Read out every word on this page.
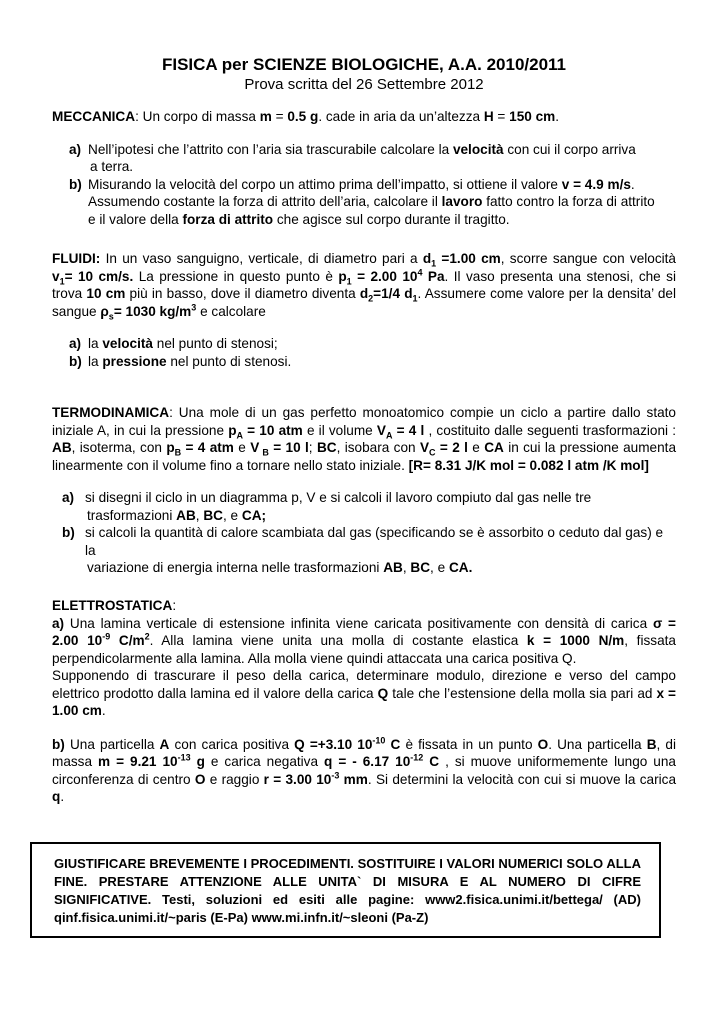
FISICA per SCIENZE BIOLOGICHE, A.A. 2010/2011
Prova scritta del 26 Settembre 2012

MECCANICA: Un corpo di massa m = 0.5 g. cade in aria da un’altezza H = 150 cm.

a) Nell’ipotesi che l’attrito con l’aria sia trascurabile calcolare la velocità con cui il corpo arriva
a terra.
b) Misurando la velocità del corpo un attimo prima dell’impatto, si ottiene il valore v = 4.9 m/s.
Assumendo costante la forza di attrito dell’aria, calcolare il lavoro fatto contro la forza di attrito
e il valore della forza di attrito che agisce sul corpo durante il tragitto.

FLUIDI: In un vaso sanguigno, verticale, di diametro pari a $d_1 =1.00$ cm, scorre sangue con velocità $v_1= 10$ cm/s. La pressione in questo punto è $p_1 = 2.00$ $10^4$ Pa. Il vaso presenta una stenosi, che si trova 10 cm più in basso, dove il diametro diventa $d_2=1/4$ $d_1$. Assumere come valore per la densita’ del sangue $\rho_s= 1030$ $kg/m^3$ e calcolare

a) la velocità nel punto di stenosi;
b) la pressione nel punto di stenosi.

TERMODINAMICA: Una mole di un gas perfetto monoatomico compie un ciclo a partire dallo stato iniziale A, in cui la pressione $p_A = 10$ atm e il volume $V_A = 4$ l , costituito dalle seguenti trasformazioni : AB, isoterma, con $p_B = 4$ atm e V $_B$ = 10 l; BC, isobara con $V_C = 2$ l e CA in cui la pressione aumenta linearmente con il volume fino a tornare nello stato iniziale. [R= 8.31 J/K mol = 0.082 l atm /K mol]

a) si disegni il ciclo in un diagramma p, V e si calcoli il lavoro compiuto dal gas nelle tre
trasformazioni AB, BC, e CA;
b) si calcoli la quantità di calore scambiata dal gas (specificando se è assorbito o ceduto dal gas) e la
variazione di energia interna nelle trasformazioni AB, BC, e CA.

ELETTROSTATICA:

a) Una lamina verticale di estensione infinita viene caricata positivamente con densità di carica σ = 2.00 $10^{-9}$ $C/m^2$. Alla lamina viene unita una molla di costante elastica k = 1000 N/m, fissata perpendicolarmente alla lamina. Alla molla viene quindi attaccata una carica positiva Q.

Supponendo di trascurare il peso della carica, determinare modulo, direzione e verso del campo elettrico prodotto dalla lamina ed il valore della carica Q tale che l’estensione della molla sia pari ad x = 1.00 cm.

b) Una particella A con carica positiva Q =+3.10 $10^{-10}$ C è fissata in un punto O. Una particella B, di massa m = 9.21 $10^{-13}$ g e carica negativa q = - 6.17 $10^{-12}$ C , si muove uniformemente lungo una circonferenza di centro O e raggio r = 3.00 $10^{-3}$ mm. Si determini la velocità con cui si muove la carica q.

GIUSTIFICARE BREVEMENTE I PROCEDIMENTI. SOSTITUIRE I VALORI NUMERICI SOLO ALLA FINE. PRESTARE ATTENZIONE ALLE UNITA` DI MISURA E AL NUMERO DI CIFRE SIGNIFICATIVE. Testi, soluzioni ed esiti alle pagine: www2.fisica.unimi.it/bettega/ (AD) qinf.fisica.unimi.it/~paris (E-Pa) www.mi.infn.it/~sleoni (Pa-Z)
